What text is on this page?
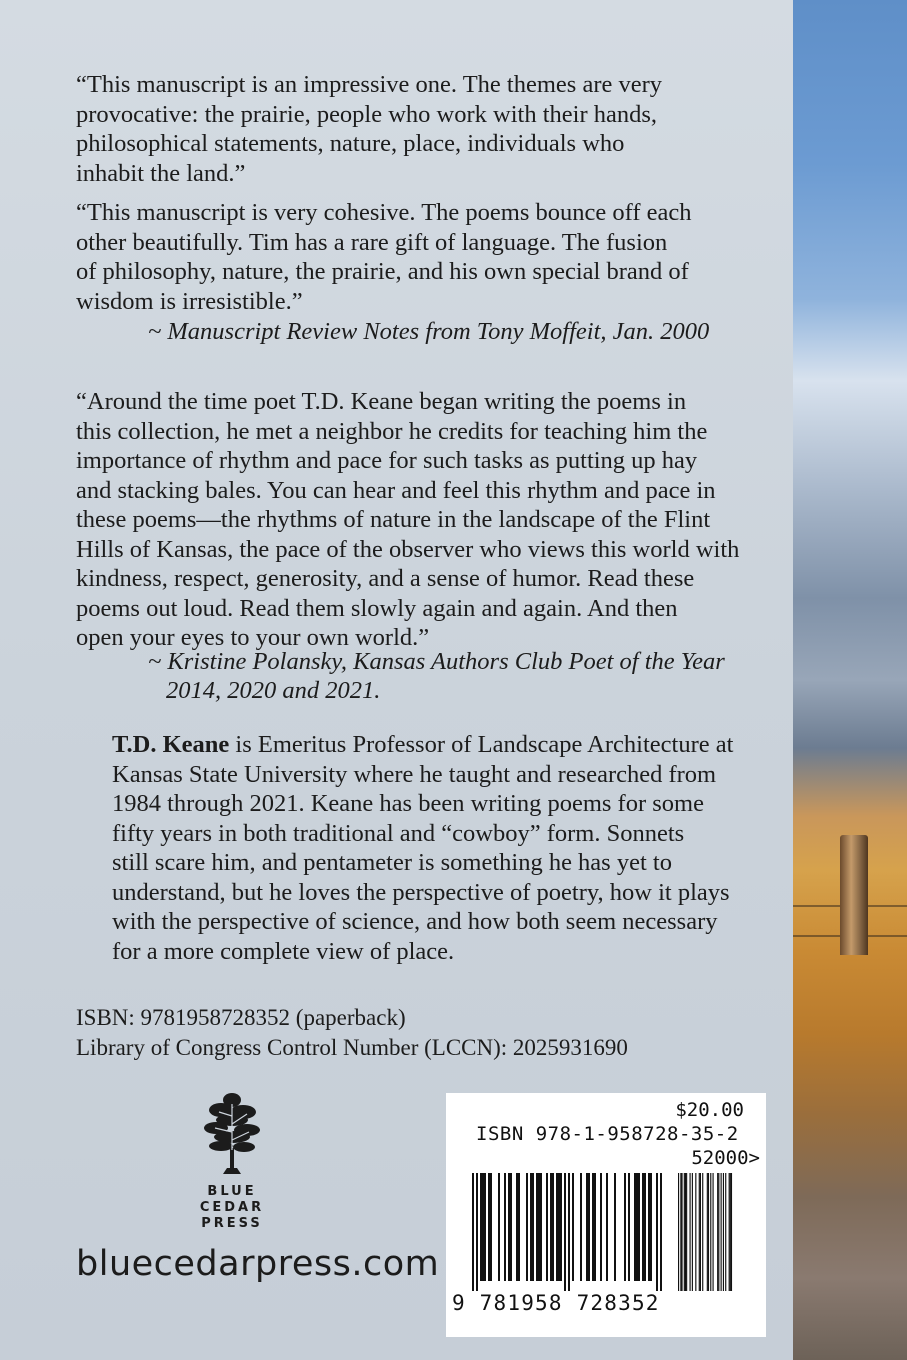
“This manuscript is an impressive one. The themes are very
provocative: the prairie, people who work with their hands,
philosophical statements, nature, place, individuals who
inhabit the land.”
“This manuscript is very cohesive. The poems bounce off each
other beautifully. Tim has a rare gift of language. The fusion
of philosophy, nature, the prairie, and his own special brand of
wisdom is irresistible.”
~ Manuscript Review Notes from Tony Moffeit, Jan. 2000
“Around the time poet T.D. Keane began writing the poems in
this collection, he met a neighbor he credits for teaching him the
importance of rhythm and pace for such tasks as putting up hay
and stacking bales. You can hear and feel this rhythm and pace in
these poems—the rhythms of nature in the landscape of the Flint
Hills of Kansas, the pace of the observer who views this world with
kindness, respect, generosity, and a sense of humor. Read these
poems out loud. Read them slowly again and again. And then
open your eyes to your own world.”
~ Kristine Polansky, Kansas Authors Club Poet of the Year
2014, 2020 and 2021.
T.D. Keane is Emeritus Professor of Landscape Architecture at
Kansas State University where he taught and researched from
1984 through 2021. Keane has been writing poems for some
fifty years in both traditional and “cowboy” form. Sonnets
still scare him, and pentameter is something he has yet to
understand, but he loves the perspective of poetry, how it plays
with the perspective of science, and how both seem necessary
for a more complete view of place.
ISBN: 9781958728352 (paperback)
Library of Congress Control Number (LCCN): 2025931690
BLUE
CEDAR
PRESS
bluecedarpress.com
$20.00
ISBN 978-1-958728-35-2
52000>
9 781958 728352
